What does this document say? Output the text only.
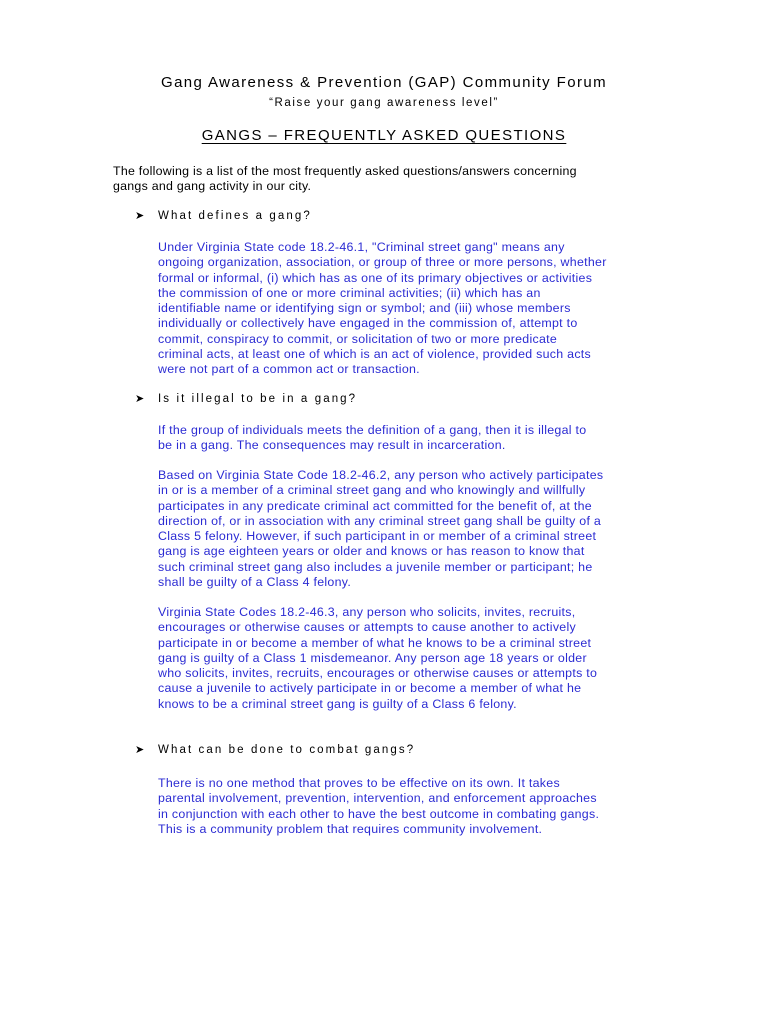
Gang Awareness & Prevention (GAP) Community Forum
“Raise your gang awareness level”
GANGS – FREQUENTLY ASKED QUESTIONS
The following is a list of the most frequently asked questions/answers concerning
gangs and gang activity in our city.
➤ What defines a gang?
Under Virginia State code 18.2-46.1, "Criminal street gang" means any
ongoing organization, association, or group of three or more persons, whether
formal or informal, (i) which has as one of its primary objectives or activities
the commission of one or more criminal activities; (ii) which has an
identifiable name or identifying sign or symbol; and (iii) whose members
individually or collectively have engaged in the commission of, attempt to
commit, conspiracy to commit, or solicitation of two or more predicate
criminal acts, at least one of which is an act of violence, provided such acts
were not part of a common act or transaction.
➤ Is it illegal to be in a gang?
If the group of individuals meets the definition of a gang, then it is illegal to
be in a gang. The consequences may result in incarceration.
Based on Virginia State Code 18.2-46.2, any person who actively participates
in or is a member of a criminal street gang and who knowingly and willfully
participates in any predicate criminal act committed for the benefit of, at the
direction of, or in association with any criminal street gang shall be guilty of a
Class 5 felony. However, if such participant in or member of a criminal street
gang is age eighteen years or older and knows or has reason to know that
such criminal street gang also includes a juvenile member or participant; he
shall be guilty of a Class 4 felony.
Virginia State Codes 18.2-46.3, any person who solicits, invites, recruits,
encourages or otherwise causes or attempts to cause another to actively
participate in or become a member of what he knows to be a criminal street
gang is guilty of a Class 1 misdemeanor. Any person age 18 years or older
who solicits, invites, recruits, encourages or otherwise causes or attempts to
cause a juvenile to actively participate in or become a member of what he
knows to be a criminal street gang is guilty of a Class 6 felony.
➤ What can be done to combat gangs?
There is no one method that proves to be effective on its own. It takes
parental involvement, prevention, intervention, and enforcement approaches
in conjunction with each other to have the best outcome in combating gangs.
This is a community problem that requires community involvement.
